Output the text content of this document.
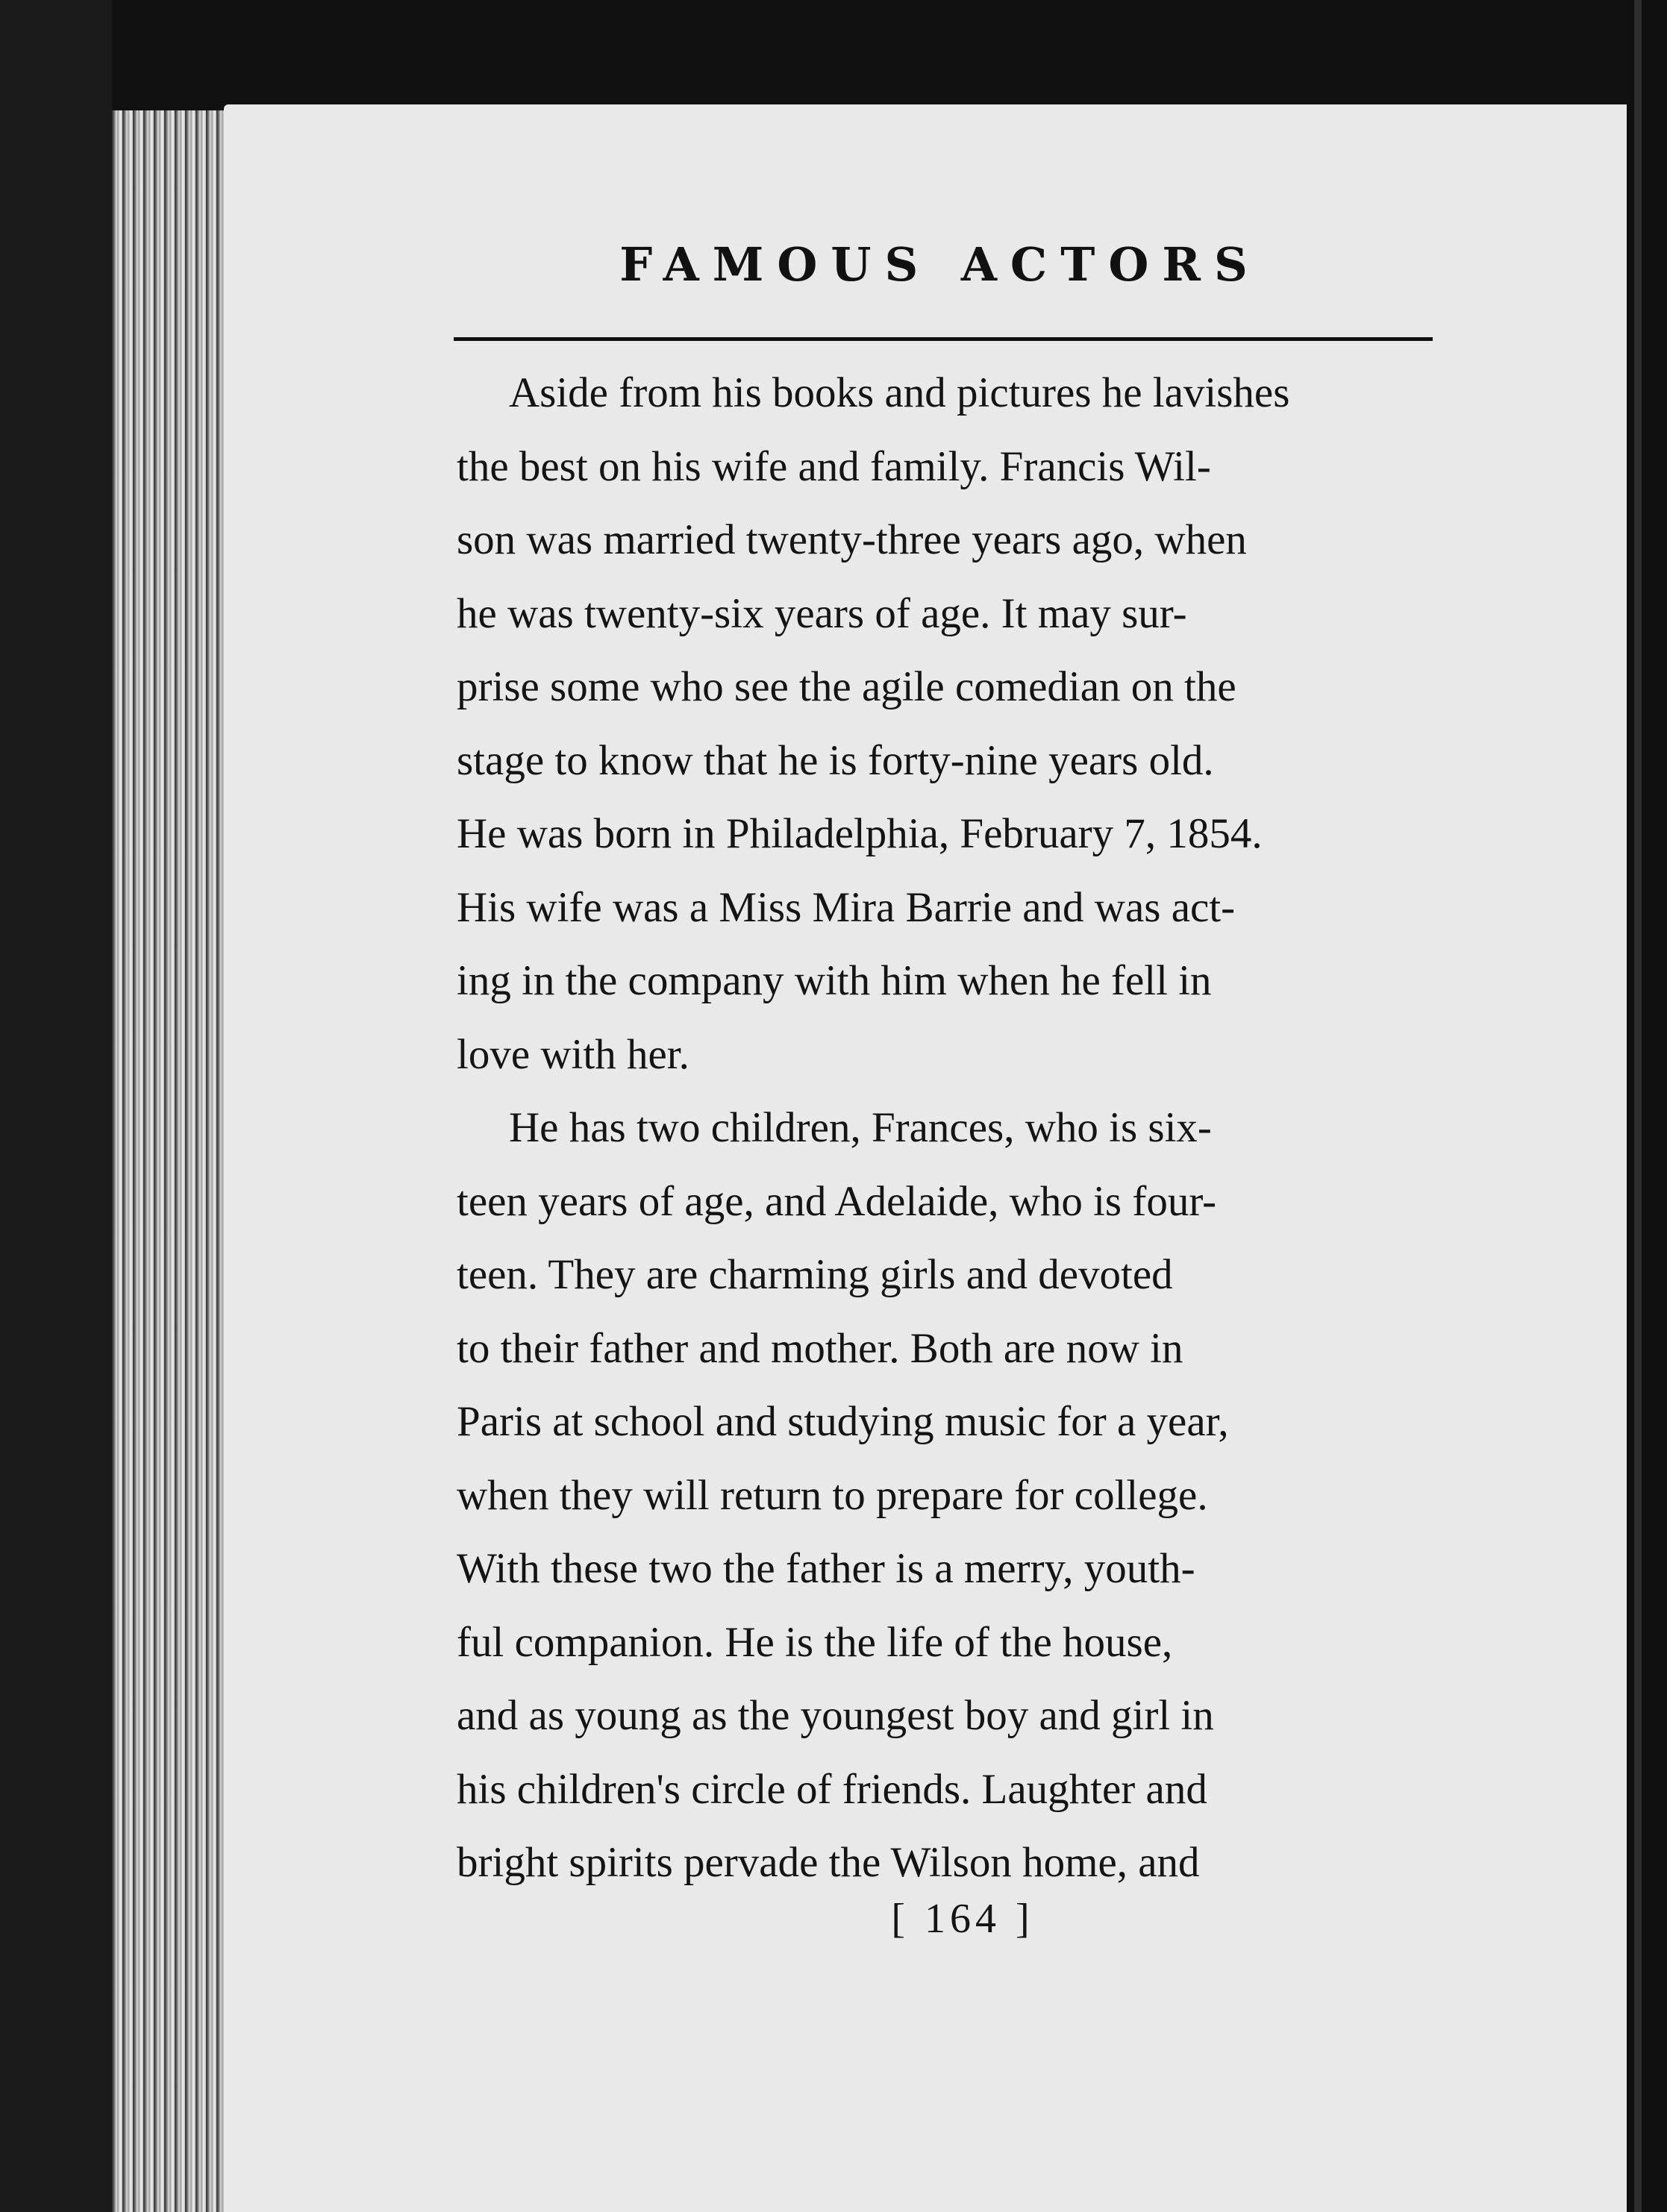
FAMOUS ACTORS

Aside from his books and pictures he lavishes
the best on his wife and family. Francis Wil-
son was married twenty-three years ago, when
he was twenty-six years of age. It may sur-
prise some who see the agile comedian on the
stage to know that he is forty-nine years old.
He was born in Philadelphia, February 7, 1854.
His wife was a Miss Mira Barrie and was act-
ing in the company with him when he fell in
love with her.

He has two children, Frances, who is six-
teen years of age, and Adelaide, who is four-
teen. They are charming girls and devoted
to their father and mother. Both are now in
Paris at school and studying music for a year,
when they will return to prepare for college.
With these two the father is a merry, youth-
ful companion. He is the life of the house,
and as young as the youngest boy and girl in
his children's circle of friends. Laughter and
bright spirits pervade the Wilson home, and

[ 164 ]
